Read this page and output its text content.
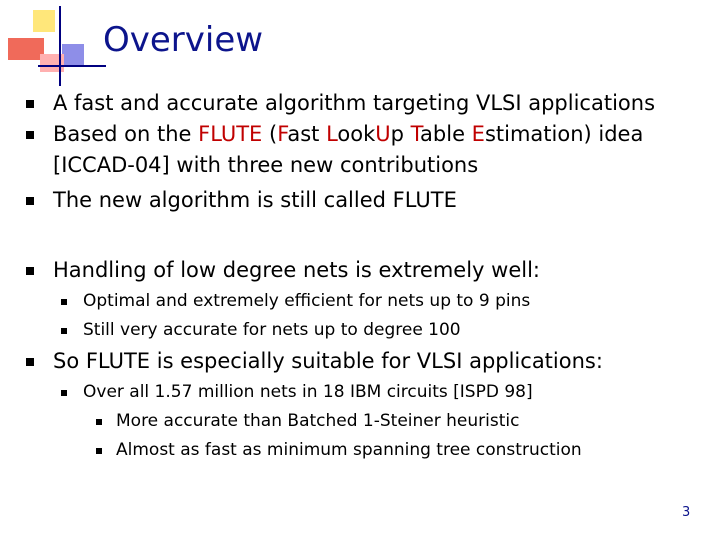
Overview
A fast and accurate algorithm targeting VLSI applications
Based on the FLUTE (Fast LookUp Table Estimation) idea
[ICCAD-04] with three new contributions
The new algorithm is still called FLUTE
Handling of low degree nets is extremely well:
Optimal and extremely efficient for nets up to 9 pins
Still very accurate for nets up to degree 100
So FLUTE is especially suitable for VLSI applications:
Over all 1.57 million nets in 18 IBM circuits [ISPD 98]
More accurate than Batched 1-Steiner heuristic
Almost as fast as minimum spanning tree construction
3
